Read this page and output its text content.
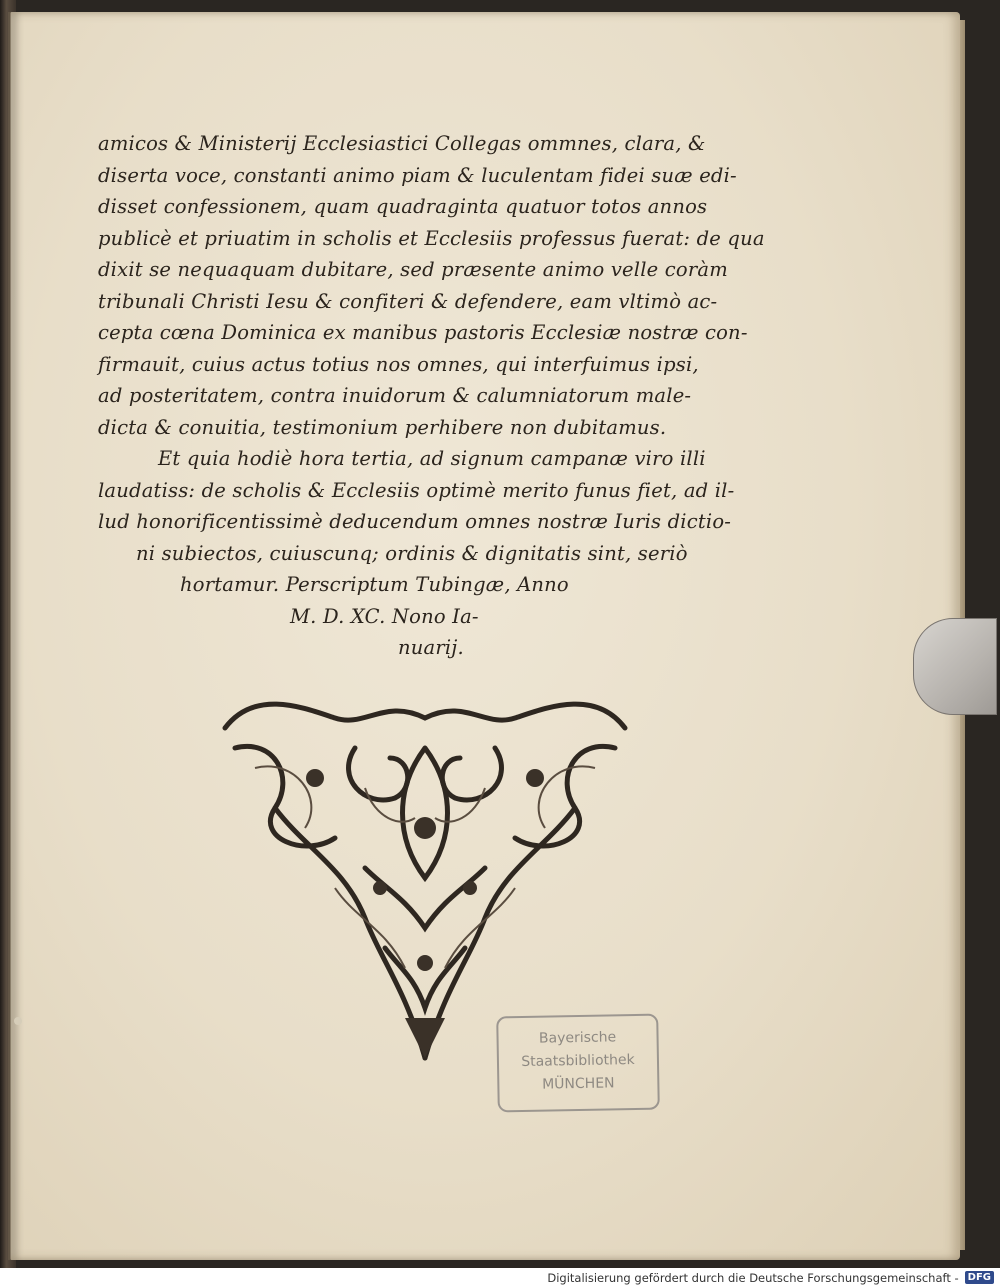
amicos & Ministerij Ecclesiastici Collegas ommnes, clara, &
diserta voce, constanti animo piam & luculentam fidei suæ edi-
disset confessionem, quam quadraginta quatuor totos annos
publicè et priuatim in scholis et Ecclesiis professus fuerat: de qua
dixit se nequaquam dubitare, sed præsente animo velle coràm
tribunali Christi Iesu & confiteri & defendere, eam vltimò ac-
cepta cœna Dominica ex manibus pastoris Ecclesiæ nostræ con-
firmauit, cuius actus totius nos omnes, qui interfuimus ipsi,
ad posteritatem, contra inuidorum & calumniatorum male-
dicta & conuitia, testimonium perhibere non dubitamus.
Et quia hodiè hora tertia, ad signum campanæ viro illi
laudatiss: de scholis & Ecclesiis optimè merito funus fiet, ad il-
lud honorificentissimè deducendum omnes nostræ Iuris dictio-
ni subiectos, cuiuscunq; ordinis & dignitatis sint, seriò
hortamur. Perscriptum Tubingæ, Anno
M. D. XC. Nono Ia-
nuarij.
Bayerische
Staatsbibliothek
MÜNCHEN
Digitalisierung gefördert durch die Deutsche Forschungsgemeinschaft - DFG
